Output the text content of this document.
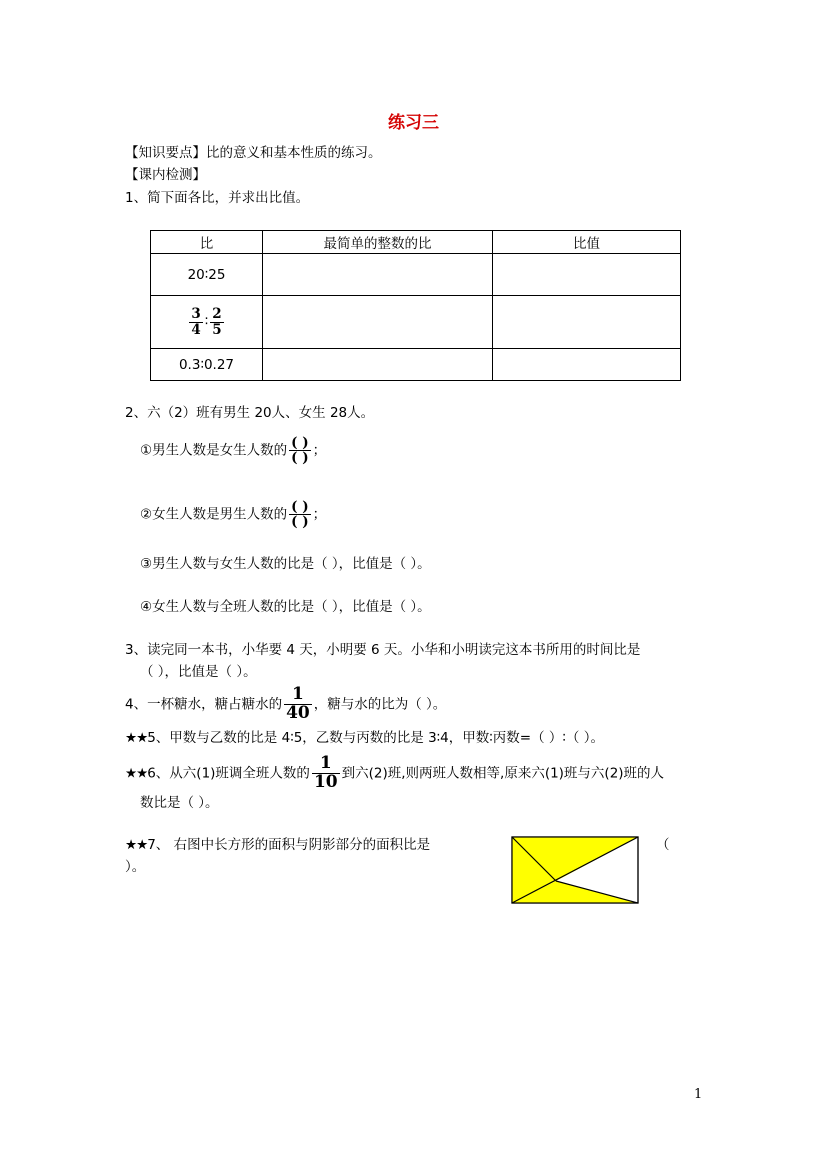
练习三
【知识要点】比的意义和基本性质的练习。
【课内检测】
1、简下面各比，并求出比值。
比	最简单的整数的比	比值
20∶25		

$\frac{3}{4}$ ∶ $\frac{2}{5}$

0.3∶0.27		
2、六（2）班有男生 20人、女生 28人。
①男生人数是女生人数的 $\frac{( )}{( )}$ ；
②女生人数是男生人数的 $\frac{( )}{( )}$ ；
③男生人数与女生人数的比是（ ），比值是（ ）。
④女生人数与全班人数的比是（ ），比值是（ ）。
3、读完同一本书，小华要 4 天，小明要 6 天。小华和小明读完这本书所用的时间比是
（ ），比值是（ ）。
4、一杯糖水，糖占糖水的 $\frac{1}{40}$ ，糖与水的比为（ ）。
★★5、甲数与乙数的比是 4∶5，乙数与丙数的比是 3∶4，甲数∶丙数=（ ）∶（ ）。
★★6、从六(1)班调全班人数的 $\frac{1}{10}$ 到六(2)班,则两班人数相等,原来六(1)班与六(2)班的人
数比是（ ）。
★★7、 右图中长方形的面积与阴影部分的面积比是	（
）。
1
